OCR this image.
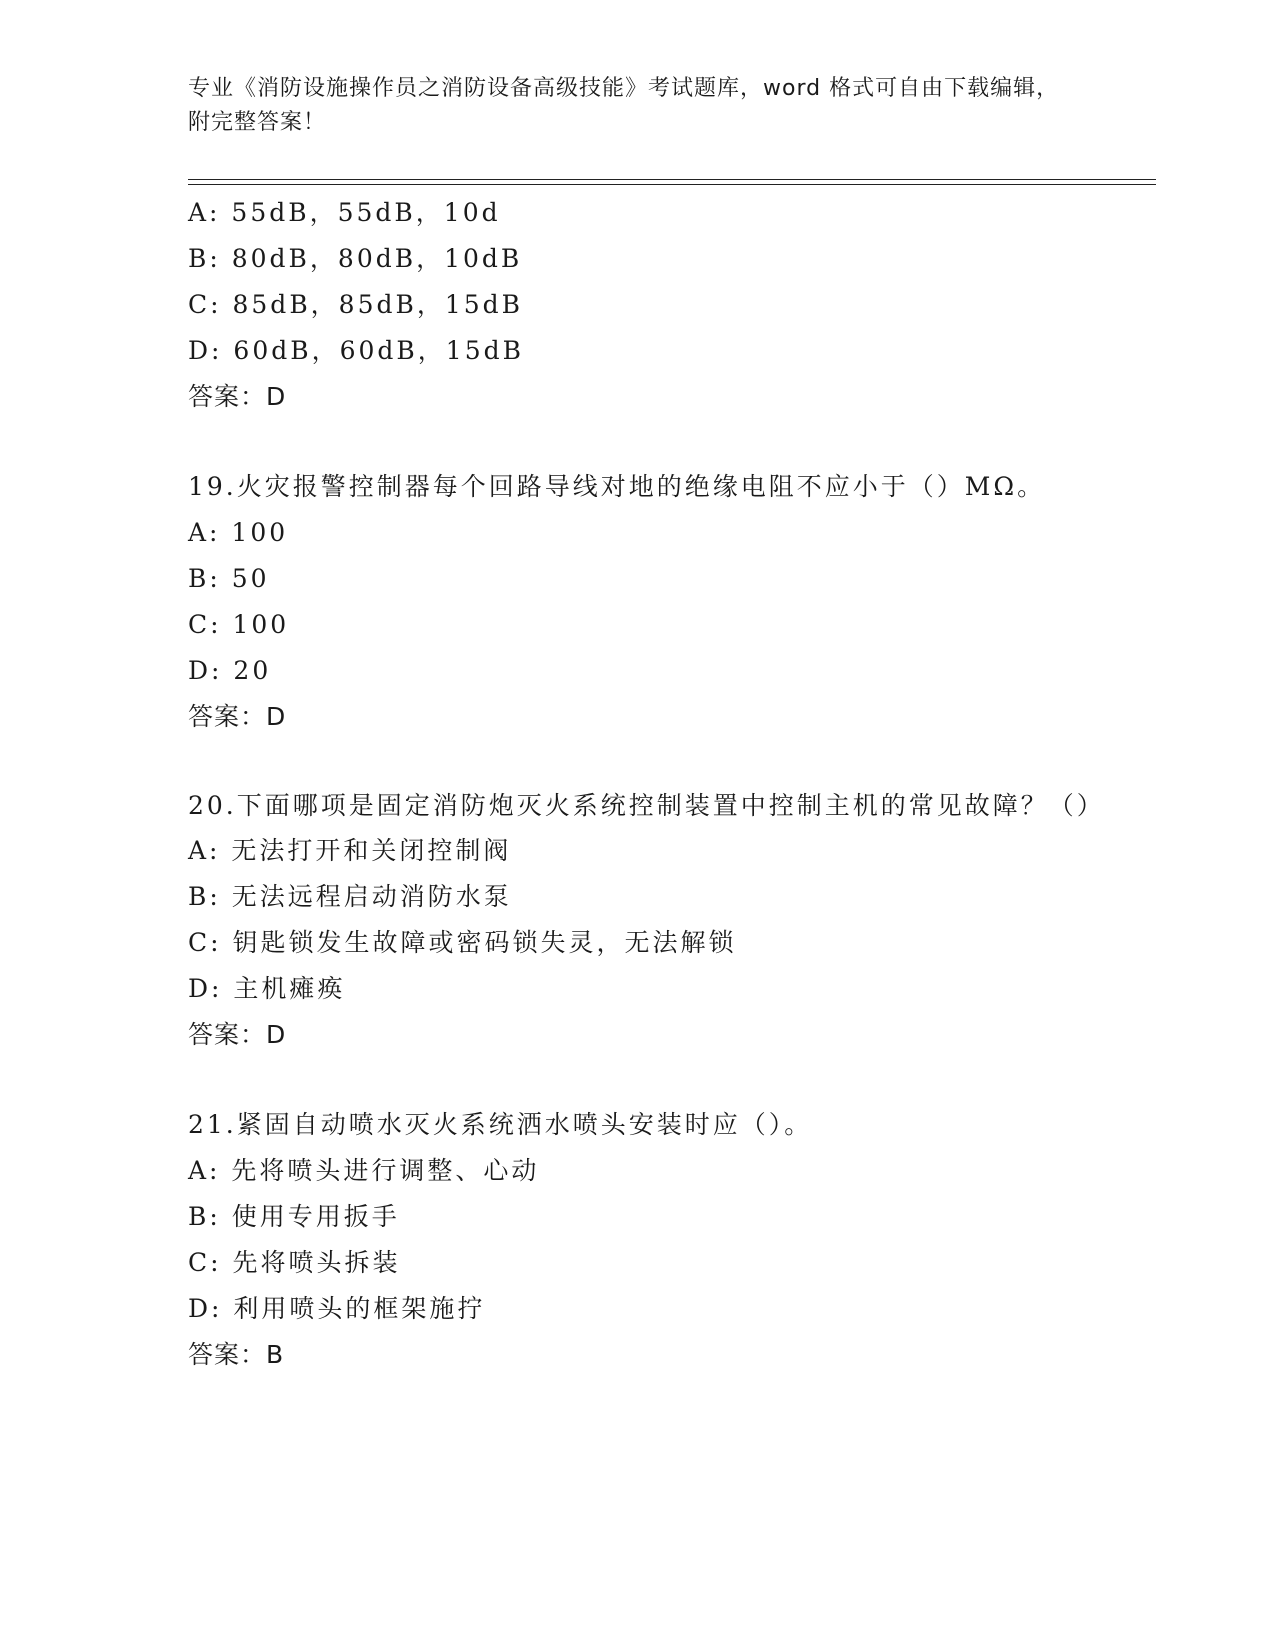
专业《消防设施操作员之消防设备高级技能》考试题库，word 格式可自由下载编辑，附完整答案！
A: 55dB，55dB，10d
B: 80dB，80dB，10dB
C: 85dB，85dB，15dB
D: 60dB，60dB，15dB
答案：D
19.火灾报警控制器每个回路导线对地的绝缘电阻不应小于（）MΩ。
A: 100
B: 50
C: 100
D: 20
答案：D
20.下面哪项是固定消防炮灭火系统控制装置中控制主机的常见故障？（）
A: 无法打开和关闭控制阀
B: 无法远程启动消防水泵
C: 钥匙锁发生故障或密码锁失灵，无法解锁
D: 主机瘫痪
答案：D
21.紧固自动喷水灭火系统洒水喷头安装时应（）。
A: 先将喷头进行调整、心动
B: 使用专用扳手
C: 先将喷头拆装
D: 利用喷头的框架施拧
答案：B
